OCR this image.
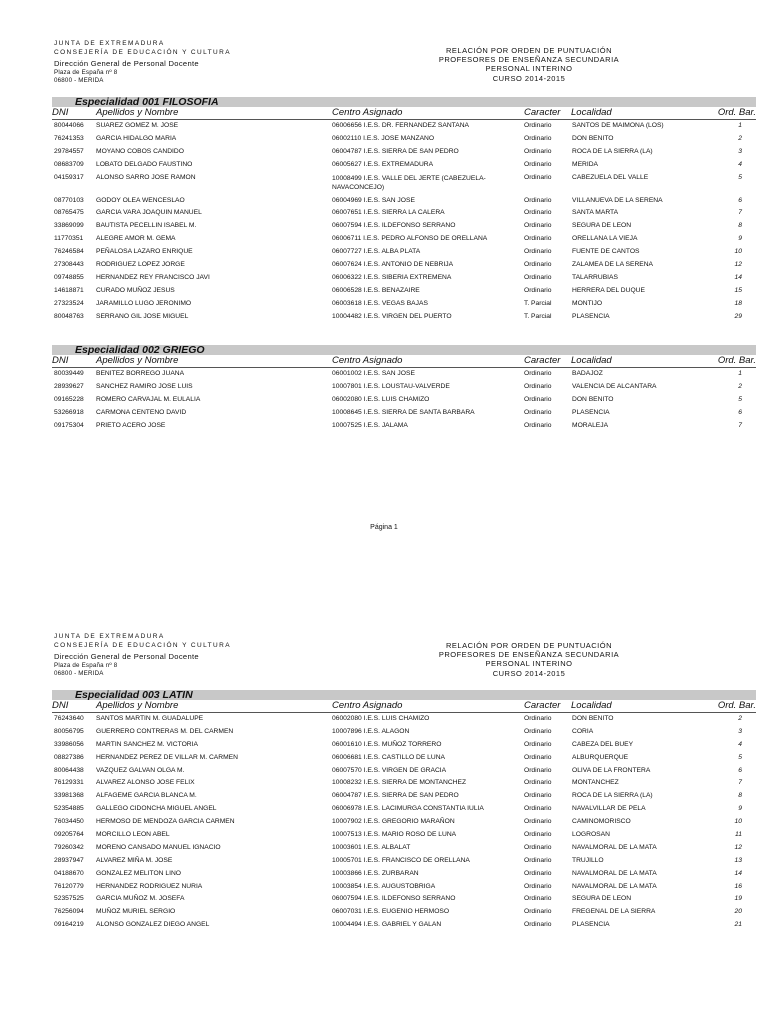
JUNTA DE EXTREMADURA
CONSEJERÍA DE EDUCACIÓN Y CULTURA
Dirección General de Personal Docente
Plaza de España nº 8
06800 - MERIDA
RELACIÓN POR ORDEN DE PUNTUACIÓN
PROFESORES DE ENSEÑANZA SECUNDARIA
PERSONAL INTERINO
CURSO 2014-2015
Especialidad 001 FILOSOFIA
DNI	Apellidos y Nombre	Centro Asignado	Caracter Localidad	Ord. Bar.
80044066 SUAREZ GOMEZ M. JOSE	06006656 I.E.S. DR. FERNANDEZ SANTANA	Ordinario	SANTOS DE MAIMONA (LOS)	1
76241353 GARCIA HIDALGO MARIA	06002110 I.E.S. JOSE MANZANO	Ordinario	DON BENITO	2
29784557 MOYANO COBOS CANDIDO	06004787 I.E.S. SIERRA DE SAN PEDRO	Ordinario	ROCA DE LA SIERRA (LA)	3
08683709 LOBATO DELGADO FAUSTINO	06005627 I.E.S. EXTREMADURA	Ordinario	MERIDA	4
04159317 ALONSO SARRO JOSE RAMON	10008499 I.E.S. VALLE DEL JERTE (CABEZUELA-NAVACONCEJO)
Ordinario	CABEZUELA DEL VALLE	5
08770103 GODOY OLEA WENCESLAO	06004969 I.E.S. SAN JOSE	Ordinario	VILLANUEVA DE LA SERENA	6
08765475 GARCIA VARA JOAQUIN MANUEL	06007651 I.E.S. SIERRA LA CALERA	Ordinario	SANTA MARTA	7
33869099 BAUTISTA PECELLIN ISABEL M.	06007594 I.E.S. ILDEFONSO SERRANO	Ordinario	SEGURA DE LEON	8
11770351 ALEGRE AMOR M. GEMA	06006711 I.E.S. PEDRO ALFONSO DE ORELLANA	Ordinario	ORELLANA LA VIEJA	9
76246584 PEÑALOSA LAZARO ENRIQUE	06007727 I.E.S. ALBA PLATA	Ordinario	FUENTE DE CANTOS	10
27308443 RODRIGUEZ LOPEZ JORGE	06007624 I.E.S. ANTONIO DE NEBRIJA	Ordinario	ZALAMEA DE LA SERENA	12
09748855 HERNANDEZ REY FRANCISCO JAVI	06006322 I.E.S. SIBERIA EXTREMENA	Ordinario	TALARRUBIAS	14
14618871 CURADO MUÑOZ JESUS	06006528 I.E.S. BENAZAIRE	Ordinario	HERRERA DEL DUQUE	15
27323524 JARAMILLO LUGO JERONIMO	06003618 I.E.S. VEGAS BAJAS	T. Parcial	MONTIJO	18
80048763 SERRANO GIL JOSE MIGUEL	10004482 I.E.S. VIRGEN DEL PUERTO	T. Parcial	PLASENCIA	29
Especialidad 002 GRIEGO
DNI	Apellidos y Nombre	Centro Asignado	Caracter Localidad	Ord. Bar.
80039449 BENITEZ BORREGO JUANA	06001002 I.E.S. SAN JOSE	Ordinario	BADAJOZ	1
28939627 SANCHEZ RAMIRO JOSE LUIS	10007801 I.E.S. LOUSTAU-VALVERDE	Ordinario	VALENCIA DE ALCANTARA	2
09165228 ROMERO CARVAJAL M. EULALIA	06002080 I.E.S. LUIS CHAMIZO	Ordinario	DON BENITO	5
53266918 CARMONA CENTENO DAVID	10008645 I.E.S. SIERRA DE SANTA BARBARA	Ordinario	PLASENCIA	6
09175304 PRIETO ACERO JOSE	10007525 I.E.S. JALAMA	Ordinario	MORALEJA	7
Página 1
JUNTA DE EXTREMADURA
CONSEJERÍA DE EDUCACIÓN Y CULTURA
Dirección General de Personal Docente
Plaza de España nº 8
06800 - MERIDA
RELACIÓN POR ORDEN DE PUNTUACIÓN
PROFESORES DE ENSEÑANZA SECUNDARIA
PERSONAL INTERINO
CURSO 2014-2015
Especialidad 003 LATIN
DNI	Apellidos y Nombre	Centro Asignado	Caracter Localidad	Ord. Bar.
76243640 SANTOS MARTIN M. GUADALUPE	06002080 I.E.S. LUIS CHAMIZO	Ordinario	DON BENITO	2
80056795 GUERRERO CONTRERAS M. DEL CARMEN	10007896 I.E.S. ALAGON	Ordinario	CORIA	3
33986056 MARTIN SANCHEZ M. VICTORIA	06001610 I.E.S. MUÑOZ TORRERO	Ordinario	CABEZA DEL BUEY	4
08827386 HERNANDEZ PEREZ DE VILLAR M. CARMEN	06006681 I.E.S. CASTILLO DE LUNA	Ordinario	ALBURQUERQUE	5
80064438 VAZQUEZ GALVAN OLGA M.	06007570 I.E.S. VIRGEN DE GRACIA	Ordinario	OLIVA DE LA FRONTERA	6
76129331 ALVAREZ ALONSO JOSE FELIX	10008232 I.E.S. SIERRA DE MONTANCHEZ	Ordinario	MONTANCHEZ	7
33981368 ALFAGEME GARCIA BLANCA M.	06004787 I.E.S. SIERRA DE SAN PEDRO	Ordinario	ROCA DE LA SIERRA (LA)	8
52354885 GALLEGO CIDONCHA MIGUEL ANGEL	06006978 I.E.S. LACIMURGA CONSTANTIA IULIA	Ordinario	NAVALVILLAR DE PELA	9
76034450 HERMOSO DE MENDOZA GARCIA CARMEN	10007902 I.E.S. GREGORIO MARAÑON	Ordinario	CAMINOMORISCO	10
09205764 MORCILLO LEON ABEL	10007513 I.E.S. MARIO ROSO DE LUNA	Ordinario	LOGROSAN	11
79260342 MORENO CANSADO MANUEL IGNACIO	10003601 I.E.S. ALBALAT	Ordinario	NAVALMORAL DE LA MATA	12
28937947 ALVAREZ MIÑA M. JOSE	10005701 I.E.S. FRANCISCO DE ORELLANA	Ordinario	TRUJILLO	13
04188670 GONZALEZ MELITON LINO	10003866 I.E.S. ZURBARAN	Ordinario	NAVALMORAL DE LA MATA	14
76120779 HERNANDEZ RODRIGUEZ NURIA	10003854 I.E.S. AUGUSTOBRIGA	Ordinario	NAVALMORAL DE LA MATA	16
52357525 GARCIA MUÑOZ M. JOSEFA	06007594 I.E.S. ILDEFONSO SERRANO	Ordinario	SEGURA DE LEON	19
76256094 MUÑOZ MURIEL SERGIO	06007031 I.E.S. EUGENIO HERMOSO	Ordinario	FREGENAL DE LA SIERRA	20
09164219 ALONSO GONZALEZ DIEGO ANGEL	10004494 I.E.S. GABRIEL Y GALAN	Ordinario	PLASENCIA	21
